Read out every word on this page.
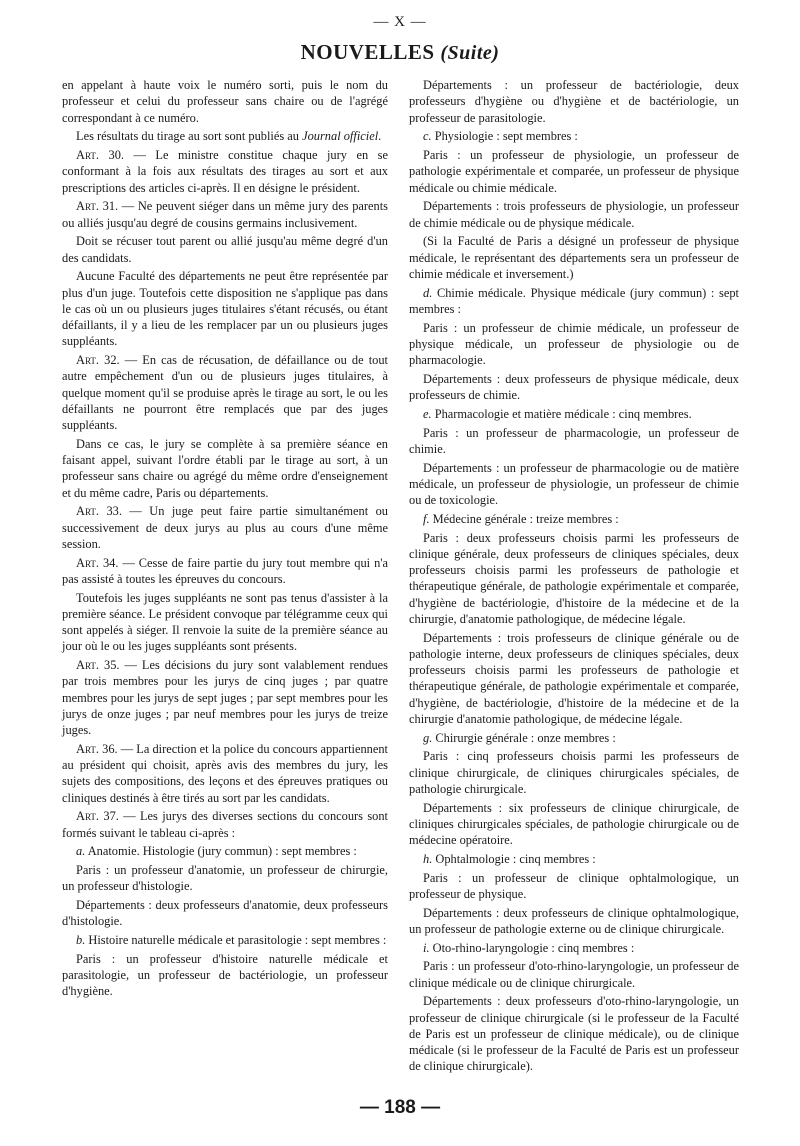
— X —
NOUVELLES (Suite)

en appelant à haute voix le numéro sorti, puis le nom du professeur et celui du professeur sans chaire ou de l'agrégé correspondant à ce numéro.

Les résultats du tirage au sort sont publiés au Journal officiel.

Art. 30. — Le ministre constitue chaque jury en se conformant à la fois aux résultats des tirages au sort et aux prescriptions des articles ci-après. Il en désigne le président.

Art. 31. — Ne peuvent siéger dans un même jury des parents ou alliés jusqu'au degré de cousins germains inclusivement.

Doit se récuser tout parent ou allié jusqu'au même degré d'un des candidats.

Aucune Faculté des départements ne peut être représentée par plus d'un juge. Toutefois cette disposition ne s'applique pas dans le cas où un ou plusieurs juges titulaires s'étant récusés, ou étant défaillants, il y a lieu de les remplacer par un ou plusieurs juges suppléants.

Art. 32. — En cas de récusation, de défaillance ou de tout autre empêchement d'un ou de plusieurs juges titulaires, à quelque moment qu'il se produise après le tirage au sort, le ou les défaillants ne pourront être remplacés que par des juges suppléants.

Dans ce cas, le jury se complète à sa première séance en faisant appel, suivant l'ordre établi par le tirage au sort, à un professeur sans chaire ou agrégé du même ordre d'enseignement et du même cadre, Paris ou départements.

Art. 33. — Un juge peut faire partie simultanément ou successivement de deux jurys au plus au cours d'une même session.

Art. 34. — Cesse de faire partie du jury tout membre qui n'a pas assisté à toutes les épreuves du concours.

Toutefois les juges suppléants ne sont pas tenus d'assister à la première séance. Le président convoque par télégramme ceux qui sont appelés à siéger. Il renvoie la suite de la première séance au jour où le ou les juges suppléants sont présents.

Art. 35. — Les décisions du jury sont valablement rendues par trois membres pour les jurys de cinq juges ; par quatre membres pour les jurys de sept juges ; par sept membres pour les jurys de onze juges ; par neuf membres pour les jurys de treize juges.

Art. 36. — La direction et la police du concours appartiennent au président qui choisit, après avis des membres du jury, les sujets des compositions, des leçons et des épreuves pratiques ou cliniques destinés à être tirés au sort par les candidats.

Art. 37. — Les jurys des diverses sections du concours sont formés suivant le tableau ci-après :

a. Anatomie. Histologie (jury commun) : sept membres :

Paris : un professeur d'anatomie, un professeur de chirurgie, un professeur d'histologie.

Départements : deux professeurs d'anatomie, deux professeurs d'histologie.

b. Histoire naturelle médicale et parasitologie : sept membres :

Paris : un professeur d'histoire naturelle médicale et parasitologie, un professeur de bactériologie, un professeur d'hygiène.

Départements : un professeur de bactériologie, deux professeurs d'hygiène ou d'hygiène et de bactériologie, un professeur de parasitologie.

c. Physiologie : sept membres :

Paris : un professeur de physiologie, un professeur de pathologie expérimentale et comparée, un professeur de physique médicale ou chimie médicale.

Départements : trois professeurs de physiologie, un professeur de chimie médicale ou de physique médicale.

(Si la Faculté de Paris a désigné un professeur de physique médicale, le représentant des départements sera un professeur de chimie médicale et inversement.)

d. Chimie médicale. Physique médicale (jury commun) : sept membres :

Paris : un professeur de chimie médicale, un professeur de physique médicale, un professeur de physiologie ou de pharmacologie.

Départements : deux professeurs de physique médicale, deux professeurs de chimie.

e. Pharmacologie et matière médicale : cinq membres.

Paris : un professeur de pharmacologie, un professeur de chimie.

Départements : un professeur de pharmacologie ou de matière médicale, un professeur de physiologie, un professeur de chimie ou de toxicologie.

f. Médecine générale : treize membres :

Paris : deux professeurs choisis parmi les professeurs de clinique générale, deux professeurs de cliniques spéciales, deux professeurs choisis parmi les professeurs de pathologie et thérapeutique générale, de pathologie expérimentale et comparée, d'hygiène de bactériologie, d'histoire de la médecine et de la chirurgie, d'anatomie pathologique, de médecine légale.

Départements : trois professeurs de clinique générale ou de pathologie interne, deux professeurs de cliniques spéciales, deux professeurs choisis parmi les professeurs de pathologie et thérapeutique générale, de pathologie expérimentale et comparée, d'hygiène, de bactériologie, d'histoire de la médecine et de la chirurgie d'anatomie pathologique, de médecine légale.

g. Chirurgie générale : onze membres :

Paris : cinq professeurs choisis parmi les professeurs de clinique chirurgicale, de cliniques chirurgicales spéciales, de pathologie chirurgicale.

Départements : six professeurs de clinique chirurgicale, de cliniques chirurgicales spéciales, de pathologie chirurgicale ou de médecine opératoire.

h. Ophtalmologie : cinq membres :

Paris : un professeur de clinique ophtalmologique, un professeur de physique.

Départements : deux professeurs de clinique ophtalmologique, un professeur de pathologie externe ou de clinique chirurgicale.

i. Oto-rhino-laryngologie : cinq membres :

Paris : un professeur d'oto-rhino-laryngologie, un professeur de clinique médicale ou de clinique chirurgicale.

Départements : deux professeurs d'oto-rhino-laryngologie, un professeur de clinique chirurgicale (si le professeur de la Faculté de Paris est un professeur de clinique médicale), ou de clinique médicale (si le professeur de la Faculté de Paris est un professeur de clinique chirurgicale).

— 188 —
